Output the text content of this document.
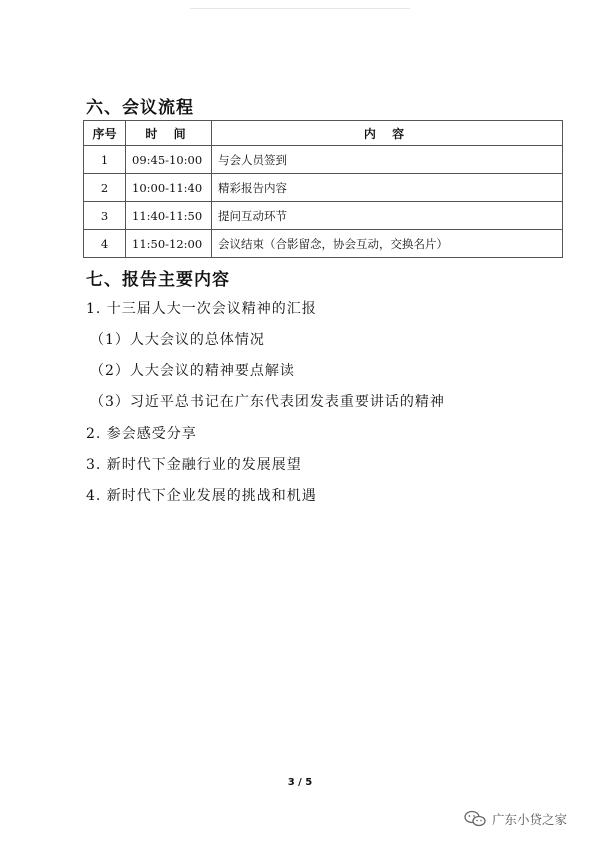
六、会议流程
序号	时 间	内 容
1	09:45-10:00	与会人员签到
2	10:00-11:40	精彩报告内容
3	11:40-11:50	提问互动环节
4	11:50-12:00	会议结束（合影留念，协会互动，交换名片）
七、报告主要内容
1. 十三届人大一次会议精神的汇报
（1）人大会议的总体情况
（2）人大会议的精神要点解读
（3）习近平总书记在广东代表团发表重要讲话的精神
2. 参会感受分享
3. 新时代下金融行业的发展展望
4. 新时代下企业发展的挑战和机遇
3 / 5
广东小贷之家
